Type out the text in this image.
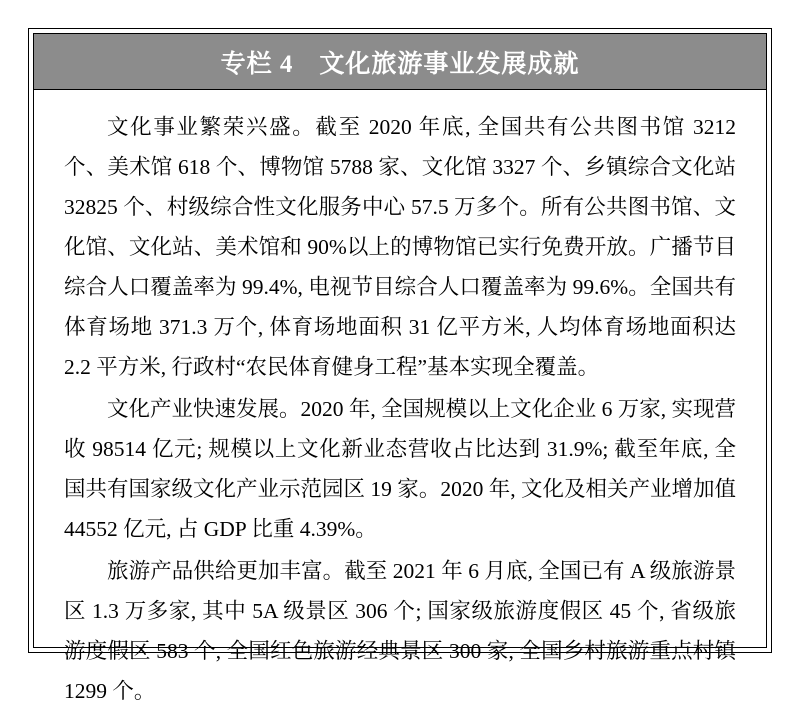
专栏 4　文化旅游事业发展成就

文化事业繁荣兴盛。截至 2020 年底, 全国共有公共图书馆 3212 个、美术馆 618 个、博物馆 5788 家、文化馆 3327 个、乡镇综合文化站 32825 个、村级综合性文化服务中心 57.5 万多个。所有公共图书馆、文化馆、文化站、美术馆和 90%以上的博物馆已实行免费开放。广播节目综合人口覆盖率为 99.4%, 电视节目综合人口覆盖率为 99.6%。全国共有体育场地 371.3 万个, 体育场地面积 31 亿平方米, 人均体育场地面积达 2.2 平方米, 行政村“农民体育健身工程”基本实现全覆盖。

文化产业快速发展。2020 年, 全国规模以上文化企业 6 万家, 实现营收 98514 亿元; 规模以上文化新业态营收占比达到 31.9%; 截至年底, 全国共有国家级文化产业示范园区 19 家。2020 年, 文化及相关产业增加值 44552 亿元, 占 GDP 比重 4.39%。

旅游产品供给更加丰富。截至 2021 年 6 月底, 全国已有 A 级旅游景区 1.3 万多家, 其中 5A 级景区 306 个; 国家级旅游度假区 45 个, 省级旅游度假区 583 个, 全国红色旅游经典景区 300 家, 全国乡村旅游重点村镇 1299 个。
